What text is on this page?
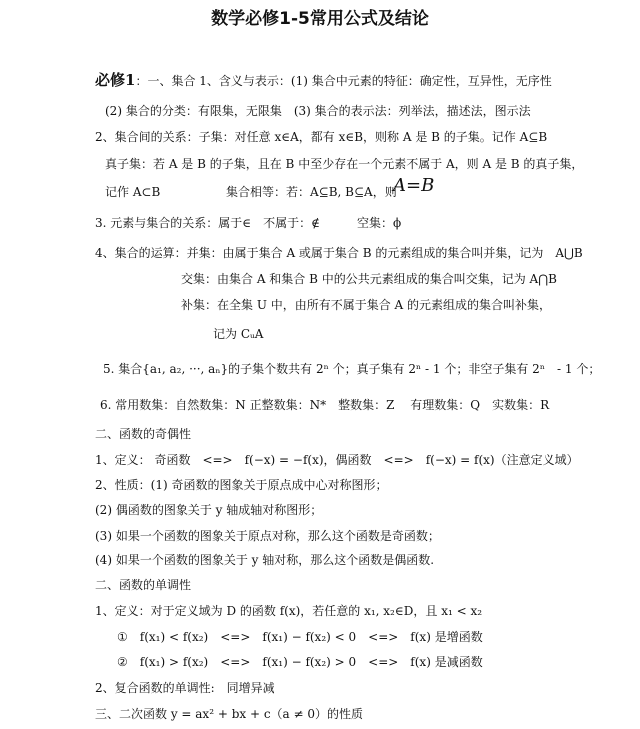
数学必修1-5常用公式及结论
必修1：一、集合 1、含义与表示：(1) 集合中元素的特征：确定性，互异性，无序性
(2) 集合的分类：有限集，无限集　(3) 集合的表示法：列举法，描述法，图示法
2、集合间的关系：子集：对任意 x∈A，都有 x∈B，则称 A 是 B 的子集。记作 A⊆B
真子集：若 A 是 B 的子集，且在 B 中至少存在一个元素不属于 A，则 A 是 B 的真子集，
记作 A⊂B	集合相等：若：A⊆B, B⊆A，则
A=B
3. 元素与集合的关系：属于∈　不属于：∉	空集：ϕ
4、集合的运算：并集：由属于集合 A 或属于集合 B 的元素组成的集合叫并集，记为　A⋃B
交集：由集合 A 和集合 B 中的公共元素组成的集合叫交集，记为 A⋂B
补集：在全集 U 中，由所有不属于集合 A 的元素组成的集合叫补集，
记为 CᵤA
5. 集合{a₁, a₂, ···, aₙ}的子集个数共有 2ⁿ 个；真子集有 2ⁿ - 1 个；非空子集有 2ⁿ　- 1 个；
6. 常用数集：自然数集：N 正整数集：N*　整数集：Z　 有理数集：Q　实数集：R
二、函数的奇偶性
1、定义： 奇函数　<=>　f(−x) = −f(x)，偶函数　<=>　f(−x) = f(x)（注意定义域）
2、性质：(1) 奇函数的图象关于原点成中心对称图形；
(2) 偶函数的图象关于 y 轴成轴对称图形；
(3) 如果一个函数的图象关于原点对称，那么这个函数是奇函数；
(4) 如果一个函数的图象关于 y 轴对称，那么这个函数是偶函数.
二、函数的单调性
1、定义：对于定义域为 D 的函数 f(x)，若任意的 x₁, x₂∈D，且 x₁ < x₂
①　f(x₁) < f(x₂)　<=>　f(x₁) − f(x₂) < 0　<=>　f(x) 是增函数
②　f(x₁) > f(x₂)　<=>　f(x₁) − f(x₂) > 0　<=>　f(x) 是减函数
2、复合函数的单调性:　同增异减
三、二次函数 y = ax² + bx + c（a ≠ 0）的性质
